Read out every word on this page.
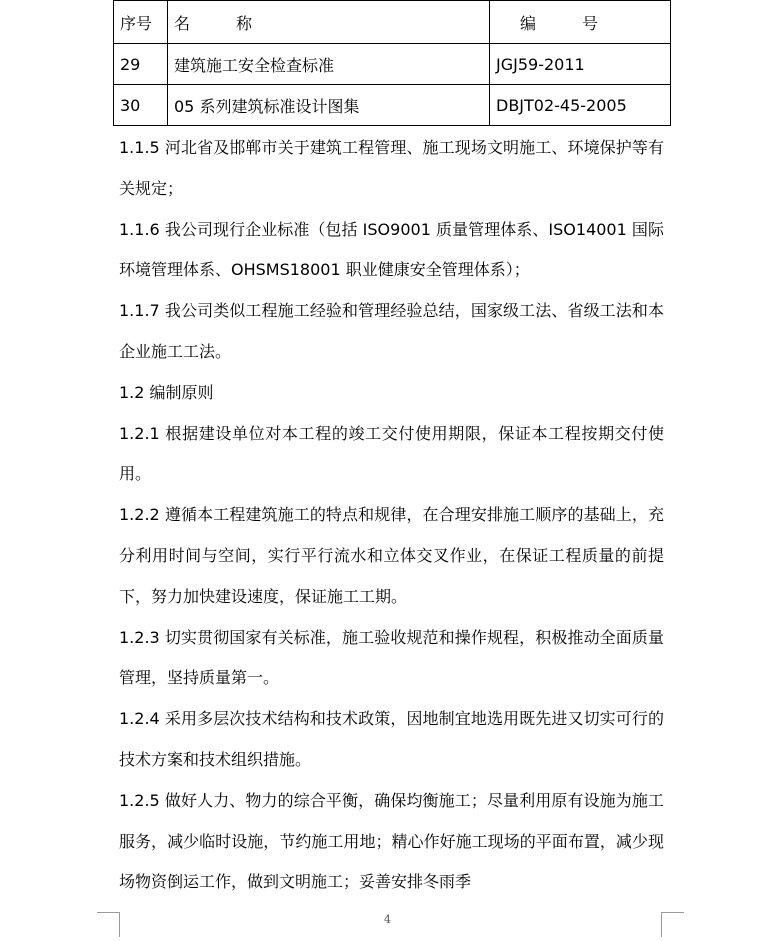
序号	名 称	编 号
29	建筑施工安全检查标准	JGJ59-2011
30	05 系列建筑标准设计图集	DBJT02-45-2005

1.1.5 河北省及邯郸市关于建筑工程管理、施工现场文明施工、环境保护等有关规定；

1.1.6 我公司现行企业标准（包括 ISO9001 质量管理体系、ISO14001 国际环境管理体系、OHSMS18001 职业健康安全管理体系）；

1.1.7 我公司类似工程施工经验和管理经验总结，国家级工法、省级工法和本企业施工工法。

1.2 编制原则

1.2.1 根据建设单位对本工程的竣工交付使用期限，保证本工程按期交付使用。

1.2.2 遵循本工程建筑施工的特点和规律，在合理安排施工顺序的基础上，充分利用时间与空间，实行平行流水和立体交叉作业，在保证工程质量的前提下，努力加快建设速度，保证施工工期。

1.2.3 切实贯彻国家有关标准，施工验收规范和操作规程，积极推动全面质量管理，坚持质量第一。

1.2.4 采用多层次技术结构和技术政策，因地制宜地选用既先进又切实可行的技术方案和技术组织措施。

1.2.5 做好人力、物力的综合平衡，确保均衡施工；尽量利用原有设施为施工服务，减少临时设施，节约施工用地；精心作好施工现场的平面布置，减少现场物资倒运工作，做到文明施工；妥善安排冬雨季

4
